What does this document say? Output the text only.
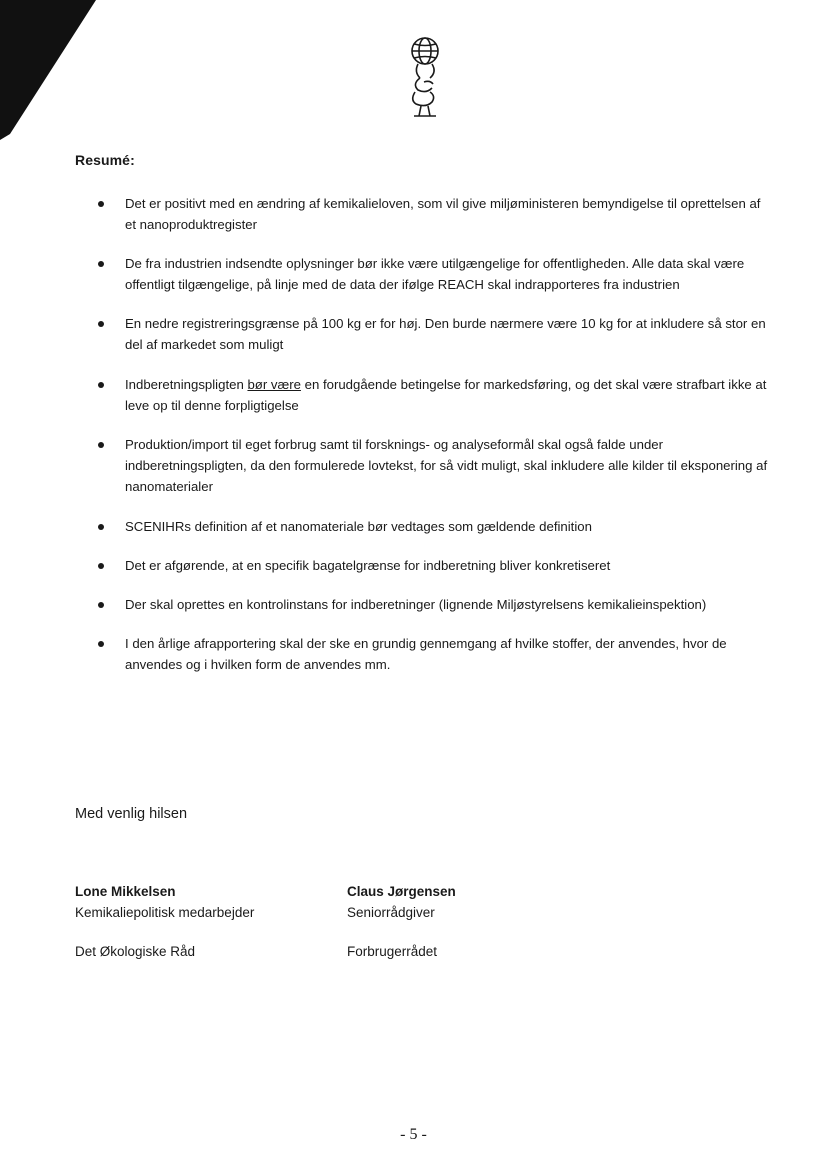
Resumé:
Det er positivt med en ændring af kemikalieloven, som vil give miljøministeren bemyndigelse til oprettelsen af et nanoproduktregister
De fra industrien indsendte oplysninger bør ikke være utilgængelige for offentligheden. Alle data skal være offentligt tilgængelige, på linje med de data der ifølge REACH skal indrapporteres fra industrien
En nedre registreringsgrænse på 100 kg er for høj. Den burde nærmere være 10 kg for at inkludere så stor en del af markedet som muligt
Indberetningspligten bør være en forudgående betingelse for markedsføring, og det skal være strafbart ikke at leve op til denne forpligtigelse
Produktion/import til eget forbrug samt til forsknings- og analyseformål skal også falde under indberetningspligten, da den formulerede lovtekst, for så vidt muligt, skal inkludere alle kilder til eksponering af nanomaterialer
SCENIHRs definition af et nanomateriale bør vedtages som gældende definition
Det er afgørende, at en specifik bagatelgrænse for indberetning bliver konkretiseret
Der skal oprettes en kontrolinstans for indberetninger (lignende Miljøstyrelsens kemikalieinspektion)
I den årlige afrapportering skal der ske en grundig gennemgang af hvilke stoffer, der anvendes, hvor de anvendes og i hvilken form de anvendes mm.
Med venlig hilsen
Lone Mikkelsen
Kemikaliepolitisk medarbejder
Det Økologiske Råd
Claus Jørgensen
Seniorrådgiver
Forbrugerrådet
- 5 -
